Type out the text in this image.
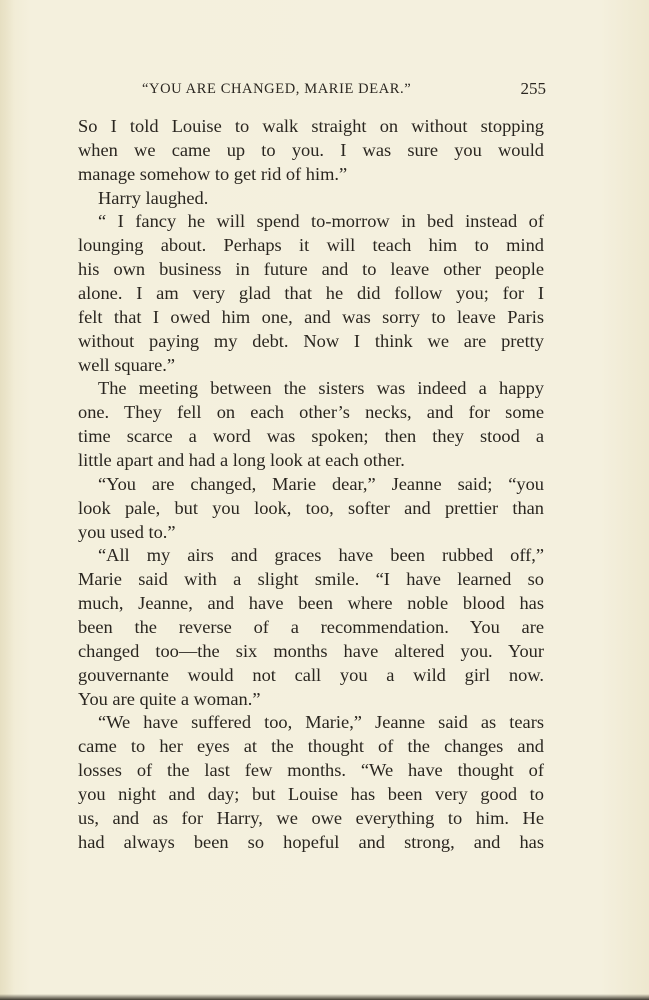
“YOU ARE CHANGED, MARIE DEAR.”	255
So I told Louise to walk straight on without stopping
when we came up to you. I was sure you would
manage somehow to get rid of him.”
Harry laughed.
“ I fancy he will spend to-morrow in bed instead of
lounging about. Perhaps it will teach him to mind
his own business in future and to leave other people
alone. I am very glad that he did follow you; for I
felt that I owed him one, and was sorry to leave Paris
without paying my debt. Now I think we are pretty
well square.”
The meeting between the sisters was indeed a happy
one. They fell on each other’s necks, and for some
time scarce a word was spoken; then they stood a
little apart and had a long look at each other.
“You are changed, Marie dear,” Jeanne said; “you
look pale, but you look, too, softer and prettier than
you used to.”
“All my airs and graces have been rubbed off,”
Marie said with a slight smile. “I have learned so
much, Jeanne, and have been where noble blood has
been the reverse of a recommendation. You are
changed too—the six months have altered you. Your
gouvernante would not call you a wild girl now.
You are quite a woman.”
“We have suffered too, Marie,” Jeanne said as tears
came to her eyes at the thought of the changes and
losses of the last few months. “We have thought of
you night and day; but Louise has been very good to
us, and as for Harry, we owe everything to him. He
had always been so hopeful and strong, and has
